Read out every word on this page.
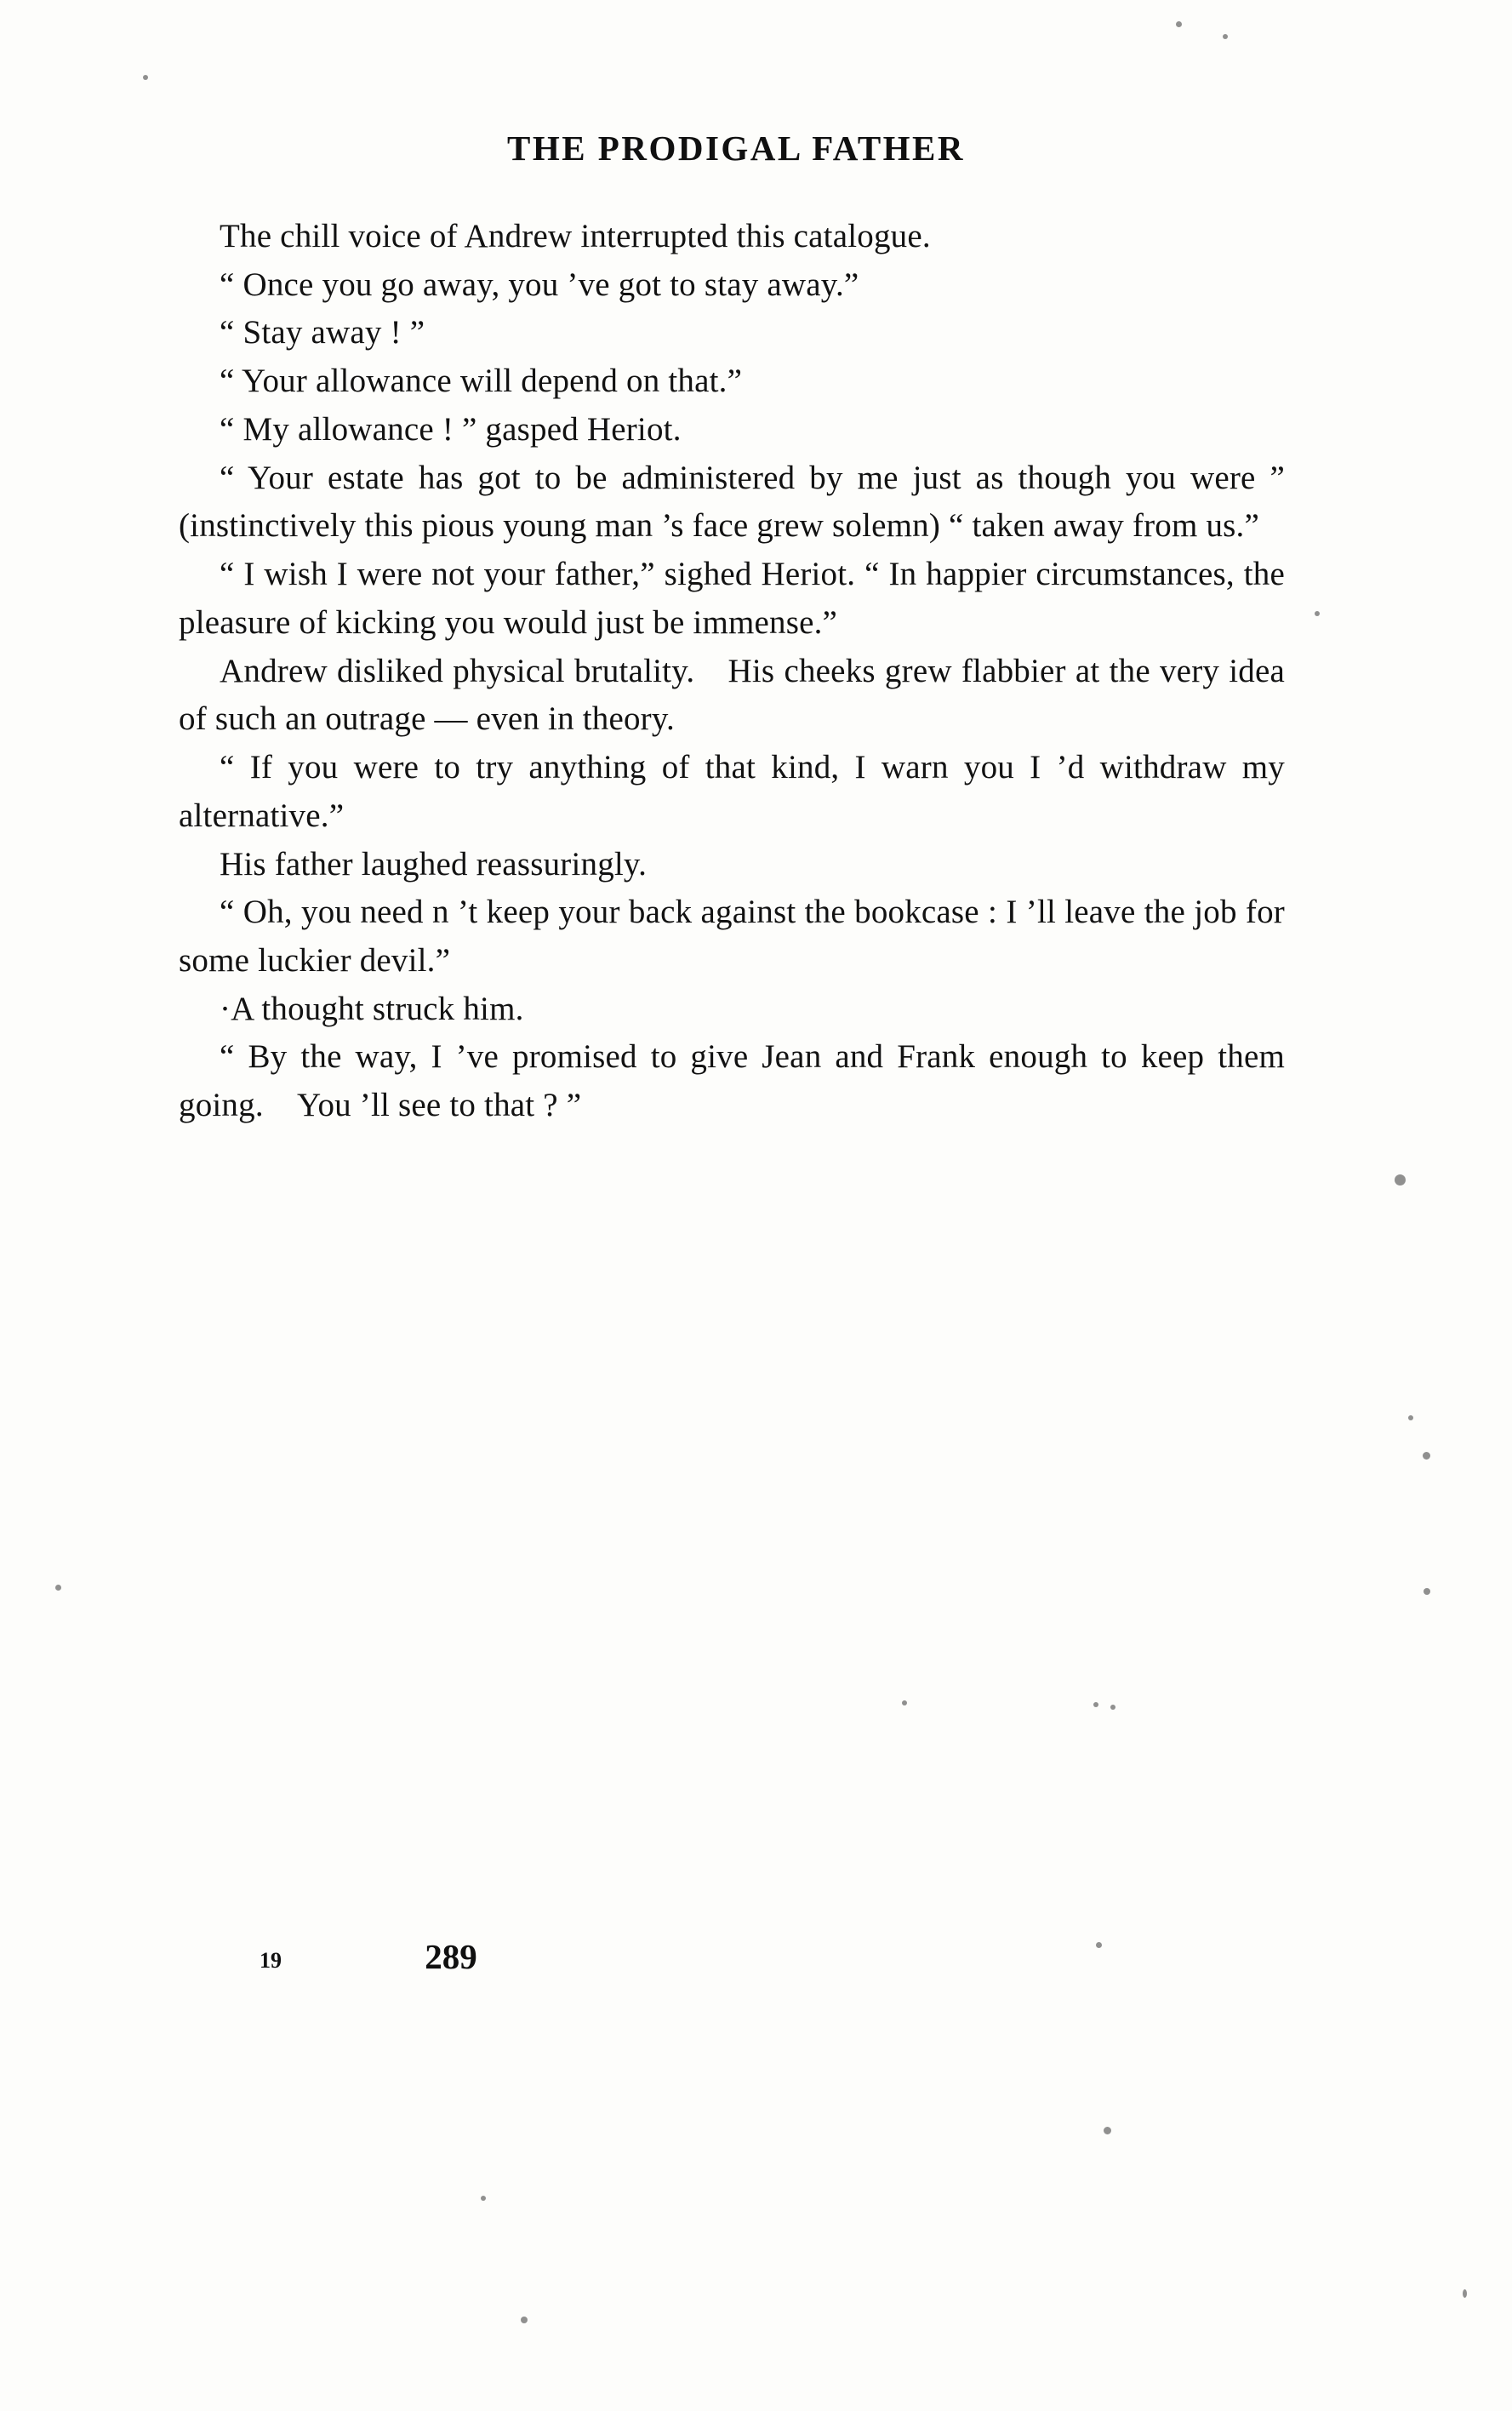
THE PRODIGAL FATHER

The chill voice of Andrew interrupted this catalogue.

“ Once you go away, you ’ve got to stay away.”

“ Stay away ! ”

“ Your allowance will depend on that.”

“ My allowance ! ” gasped Heriot.

“ Your estate has got to be administered by me just as though you were ” (instinctively this pious young man ’s face grew solemn) “ taken away from us.”

“ I wish I were not your father,” sighed Heriot. “ In happier circumstances, the pleasure of kicking you would just be immense.”

Andrew disliked physical brutality. His cheeks grew flabbier at the very idea of such an outrage — even in theory.

“ If you were to try anything of that kind, I warn you I ’d withdraw my alternative.”

His father laughed reassuringly.

“ Oh, you need n ’t keep your back against the bookcase : I ’ll leave the job for some luckier devil.”

·A thought struck him.

“ By the way, I ’ve promised to give Jean and Frank enough to keep them going. You ’ll see to that ? ”

19	289
